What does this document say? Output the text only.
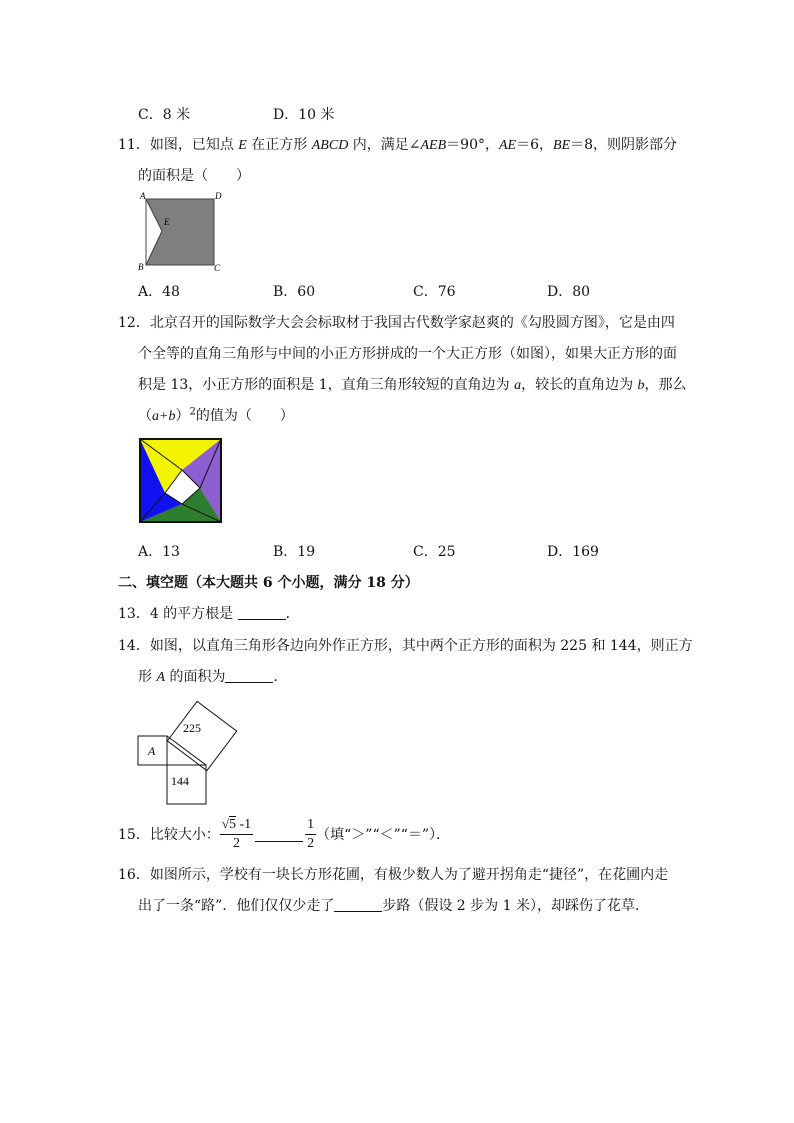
C．8 米	D．10 米
11．如图，已知点 E 在正方形 ABCD 内，满足∠AEB＝90°，AE＝6，BE＝8，则阴影部分
的面积是（　　）
A	D
B	C
E
A．48	B．60	C．76	D．80
12．北京召开的国际数学大会会标取材于我国古代数学家赵爽的《勾股圆方图》，它是由四
个全等的直角三角形与中间的小正方形拼成的一个大正方形（如图），如果大正方形的面
积是 13，小正方形的面积是 1，直角三角形较短的直角边为 a，较长的直角边为 b，那么
$(a+b)^2$的值为（　　）
A．13	B．19	C．25	D．169
二、填空题（本大题共 6 个小题，满分 18 分）
13．4 的平方根是	．
14．如图，以直角三角形各边向外作正方形，其中两个正方形的面积为 225 和 144，则正方
形 A 的面积为	．
A
225
144
15． 比较大小： $\frac{√5 -1}{2}$	$\frac{1}{2}$ （填“＞”“＜”“＝”）．
16．如图所示，学校有一块长方形花圃，有极少数人为了避开拐角走“捷径”，在花圃内走
出了一条“路”．他们仅仅少走了	步路（假设 2 步为 1 米），却踩伤了花草．
